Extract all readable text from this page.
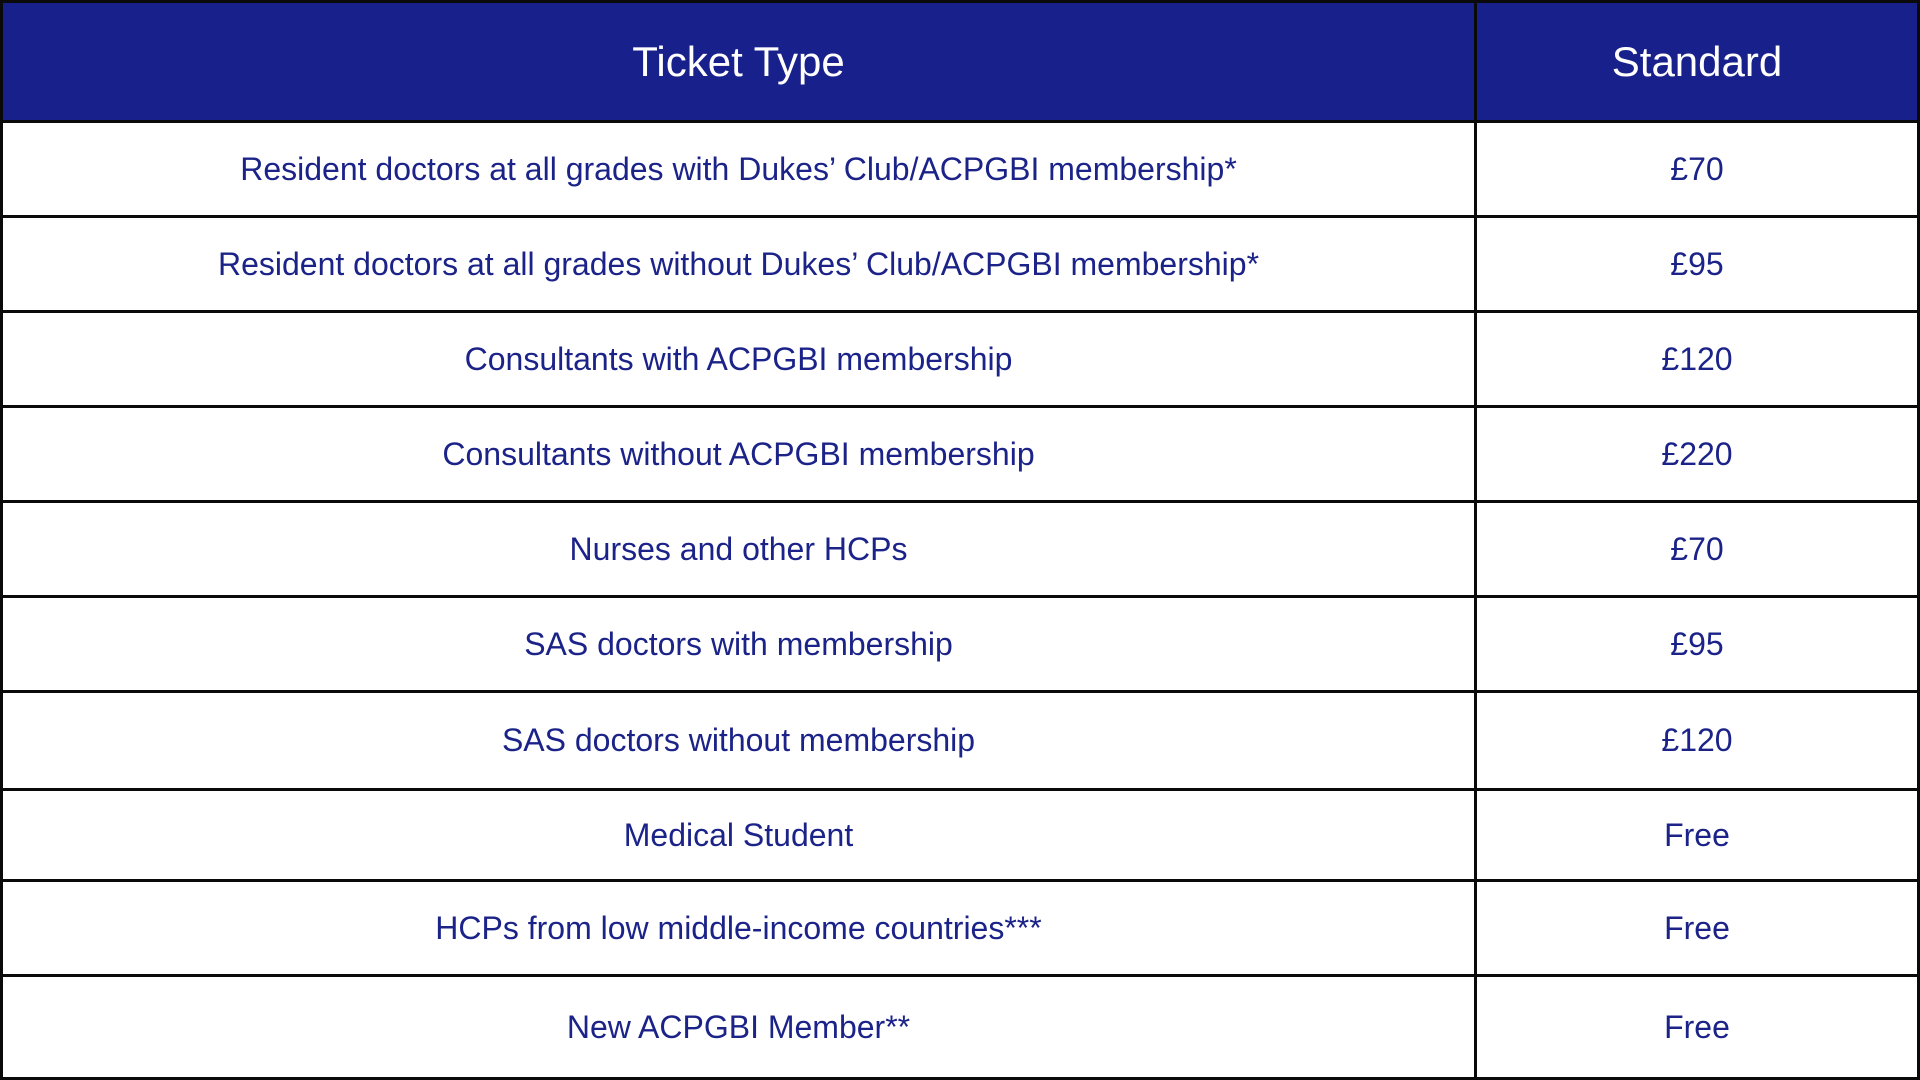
Ticket Type	Standard
Resident doctors at all grades with Dukes’ Club/ACPGBI membership*	£70
Resident doctors at all grades without Dukes’ Club/ACPGBI membership*	£95
Consultants with ACPGBI membership	£120
Consultants without ACPGBI membership	£220
Nurses and other HCPs	£70
SAS doctors with membership	£95
SAS doctors without membership	£120
Medical Student	Free
HCPs from low middle-income countries***	Free
New ACPGBI Member**	Free
